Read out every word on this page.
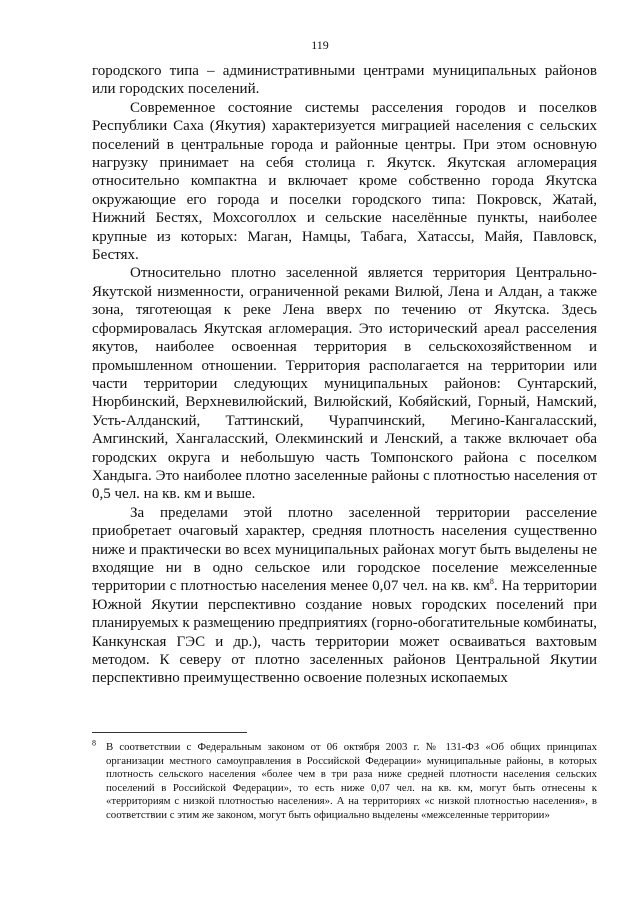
119

городского типа – административными центрами муниципальных районов или городских поселений.

Современное состояние системы расселения городов и поселков Республики Саха (Якутия) характеризуется миграцией населения с сельских поселений в центральные города и районные центры. При этом основную нагрузку принимает на себя столица г. Якутск. Якутская агломерация относительно компактна и включает кроме собственно города Якутска окружающие его города и поселки городского типа: Покровск, Жатай, Нижний Бестях, Мохсоголлох и сельские населённые пункты, наиболее крупные из которых: Маган, Намцы, Табага, Хатассы, Майя, Павловск, Бестях.

Относительно плотно заселенной является территория Центрально-Якутской низменности, ограниченной реками Вилюй, Лена и Алдан, а также зона, тяготеющая к реке Лена вверх по течению от Якутска. Здесь сформировалась Якутская агломерация. Это исторический ареал расселения якутов, наиболее освоенная территория в сельскохозяйственном и промышленном отношении. Территория располагается на территории или части территории следующих муниципальных районов: Сунтарский, Нюрбинский, Верхневилюйский, Вилюйский, Кобяйский, Горный, Намский, Усть-Алданский, Таттинский, Чурапчинский, Мегино-Кангаласский, Амгинский, Хангаласский, Олекминский и Ленский, а также включает оба городских округа и небольшую часть Томпонского района с поселком Хандыга. Это наиболее плотно заселенные районы с плотностью населения от 0,5 чел. на кв. км и выше.

За пределами этой плотно заселенной территории расселение приобретает очаговый характер, средняя плотность населения существенно ниже и практически во всех муниципальных районах могут быть выделены не входящие ни в одно сельское или городское поселение межселенные территории с плотностью населения менее 0,07 чел. на кв. $км^8$. На территории Южной Якутии перспективно создание новых городских поселений при планируемых к размещению предприятиях (горно-обогатительные комбинаты, Канкунская ГЭС и др.), часть территории может осваиваться вахтовым методом. К северу от плотно заселенных районов Центральной Якутии перспективно преимущественно освоение полезных ископаемых

$^8$ В соответствии с Федеральным законом от 06 октября 2003 г. № 131-ФЗ «Об общих принципах организации местного самоуправления в Российской Федерации» муниципальные районы, в которых плотность сельского населения «более чем в три раза ниже средней плотности населения сельских поселений в Российской Федерации», то есть ниже 0,07 чел. на кв. км, могут быть отнесены к «территориям с низкой плотностью населения». А на территориях «с низкой плотностью населения», в соответствии с этим же законом, могут быть официально выделены «межселенные территории»
